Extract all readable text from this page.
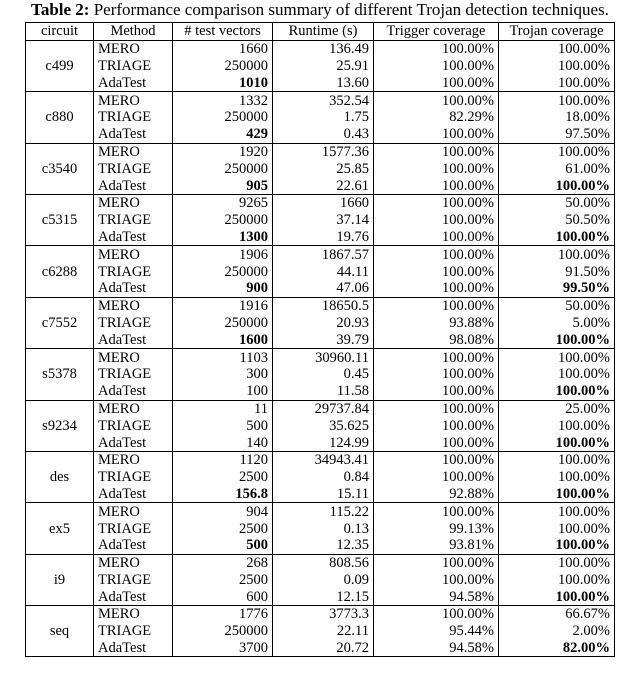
Table 2: Performance comparison summary of different Trojan detection techniques.
circuit	Method	# test vectors	Runtime (s)	Trigger coverage	Trojan coverage
c499	MERO	1660	136.49	100.00%	100.00%
	TRIAGE	250000	25.91	100.00%	100.00%
	AdaTest	1010	13.60	100.00%	100.00%
c880	MERO	1332	352.54	100.00%	100.00%
	TRIAGE	250000	1.75	82.29%	18.00%
	AdaTest	429	0.43	100.00%	97.50%
c3540	MERO	1920	1577.36	100.00%	100.00%
	TRIAGE	250000	25.85	100.00%	61.00%
	AdaTest	905	22.61	100.00%	100.00%
c5315	MERO	9265	1660	100.00%	50.00%
	TRIAGE	250000	37.14	100.00%	50.50%
	AdaTest	1300	19.76	100.00%	100.00%
c6288	MERO	1906	1867.57	100.00%	100.00%
	TRIAGE	250000	44.11	100.00%	91.50%
	AdaTest	900	47.06	100.00%	99.50%
c7552	MERO	1916	18650.5	100.00%	50.00%
	TRIAGE	250000	20.93	93.88%	5.00%
	AdaTest	1600	39.79	98.08%	100.00%
s5378	MERO	1103	30960.11	100.00%	100.00%
	TRIAGE	300	0.45	100.00%	100.00%
	AdaTest	100	11.58	100.00%	100.00%
s9234	MERO	11	29737.84	100.00%	25.00%
	TRIAGE	500	35.625	100.00%	100.00%
	AdaTest	140	124.99	100.00%	100.00%
des	MERO	1120	34943.41	100.00%	100.00%
	TRIAGE	2500	0.84	100.00%	100.00%
	AdaTest	156.8	15.11	92.88%	100.00%
ex5	MERO	904	115.22	100.00%	100.00%
	TRIAGE	2500	0.13	99.13%	100.00%
	AdaTest	500	12.35	93.81%	100.00%
i9	MERO	268	808.56	100.00%	100.00%
	TRIAGE	2500	0.09	100.00%	100.00%
	AdaTest	600	12.15	94.58%	100.00%
seq	MERO	1776	3773.3	100.00%	66.67%
	TRIAGE	250000	22.11	95.44%	2.00%
	AdaTest	3700	20.72	94.58%	82.00%
